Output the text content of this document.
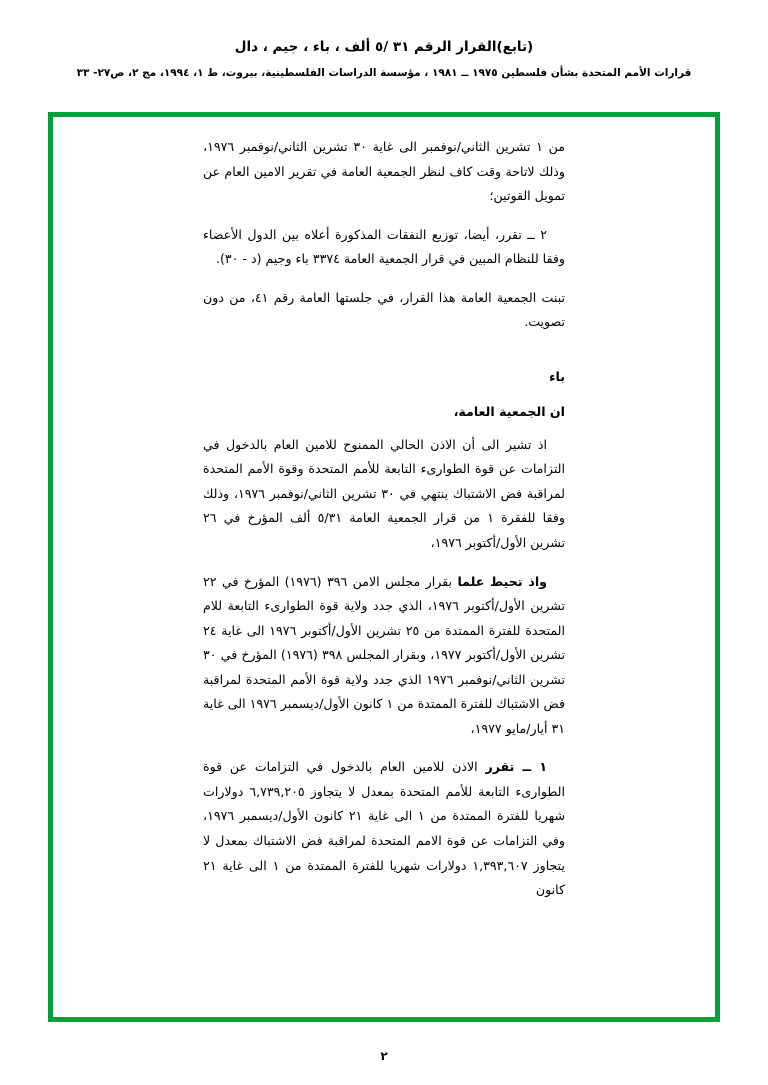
(تابع)القرار الرقم ٣١ /٥ ألف ، باء ، جيم ، دال
قرارات الأمم المتحدة بشأن فلسطين ١٩٧٥ ــ ١٩٨١ ، مؤسسة الدراسات الفلسطينية، بيروت، ط ١، ١٩٩٤، مج ٢، ص٢٧- ٣٣

من ١ تشرين الثاني/نوفمبر الى غاية ٣٠ تشرين الثاني/نوفمبر ١٩٧٦، وذلك لاتاحة وقت كاف لنظر الجمعية العامة في تقرير الامين العام عن تمويل القوتين؛

٢ ــ تقرر، أيضا، توزيع النفقات المذكورة أعلاه بين الدول الأعضاء وفقا للنظام المبين في قرار الجمعية العامة ٣٣٧٤ باء وجيم (د - ٣٠).

تبنت الجمعية العامة هذا القرار، في جلستها العامة رقم ٤١، من دون تصويت.

باء
ان الجمعية العامة،

اذ تشير الى أن الاذن الحالي الممنوح للامين العام بالدخول في التزامات عن قوة الطوارىء التابعة للأمم المتحدة وقوة الأمم المتحدة لمراقبة فض الاشتباك ينتهي في ٣٠ تشرين الثاني/نوفمبر ١٩٧٦، وذلك وفقا للفقرة ١ من قرار الجمعية العامة ٥/٣١ ألف المؤرخ في ٢٦ تشرين الأول/أكتوبر ١٩٧٦،

واذ تحيط علما بقرار مجلس الامن ٣٩٦ (١٩٧٦) المؤرخ في ٢٢ تشرين الأول/أكتوبر ١٩٧٦، الذي جدد ولاية قوة الطوارىء التابعة للام المتحدة للفترة الممتدة من ٢٥ تشرين الأول/أكتوبر ١٩٧٦ الى غاية ٢٤ تشرين الأول/أكتوبر ١٩٧٧، وبقرار المجلس ٣٩٨ (١٩٧٦) المؤرخ في ٣٠ تشرين الثاني/نوفمبر ١٩٧٦ الذي جدد ولاية قوة الأمم المتحدة لمراقبة فض الاشتباك للفترة الممتدة من ١ كانون الأول/ديسمبر ١٩٧٦ الى غاية ٣١ أيار/مايو ١٩٧٧،

١ ــ تقرر الاذن للامين العام بالدخول في التزامات عن قوة الطوارىء التابعة للأمم المتحدة بمعدل لا يتجاوز ٦,٧٣٩,٢٠٥ دولارات شهريا للفترة الممتدة من ١ الى غاية ٢١ كانون الأول/ديسمبر ١٩٧٦، وفي التزامات عن قوة الامم المتحدة لمراقبة فض الاشتباك بمعدل لا يتجاوز ١,٣٩٣,٦٠٧ دولارات شهريا للفترة الممتدة من ١ الى غاية ٢١ كانون

٢
